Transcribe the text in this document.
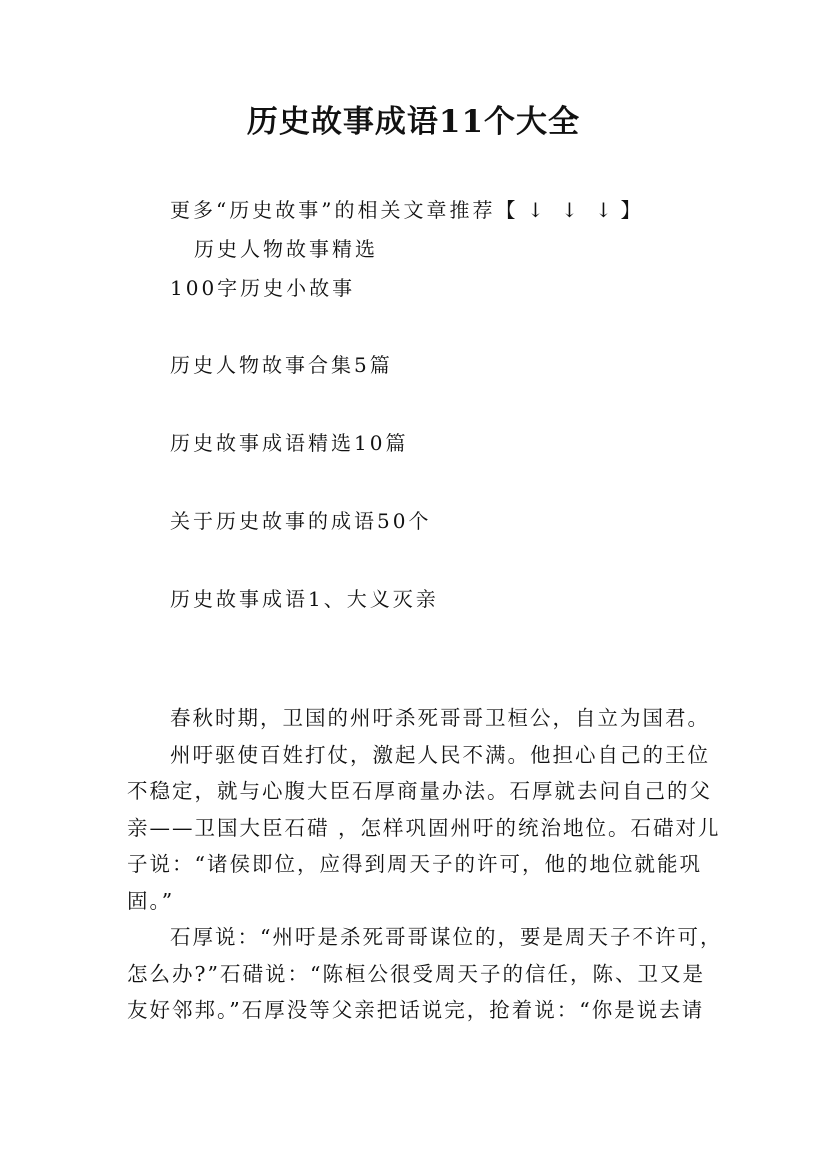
历史故事成语11个大全
更多“历史故事”的相关文章推荐【 ↓ ↓ ↓ 】
历史人物故事精选
100字历史小故事
历史人物故事合集5篇
历史故事成语精选10篇
关于历史故事的成语50个
历史故事成语1、大义灭亲

春秋时期，卫国的州吁杀死哥哥卫桓公，自立为国君。

州吁驱使百姓打仗，激起人民不满。他担心自己的王位不稳定，就与心腹大臣石厚商量办法。石厚就去问自己的父亲——卫国大臣石碏 ，怎样巩固州吁的统治地位。石碏对儿子说：“诸侯即位，应得到周天子的许可，他的地位就能巩固。”

石厚说：“州吁是杀死哥哥谋位的，要是周天子不许可，怎么办?”石碏说：“陈桓公很受周天子的信任，陈、卫又是友好邻邦。”石厚没等父亲把话说完，抢着说：“你是说去请
